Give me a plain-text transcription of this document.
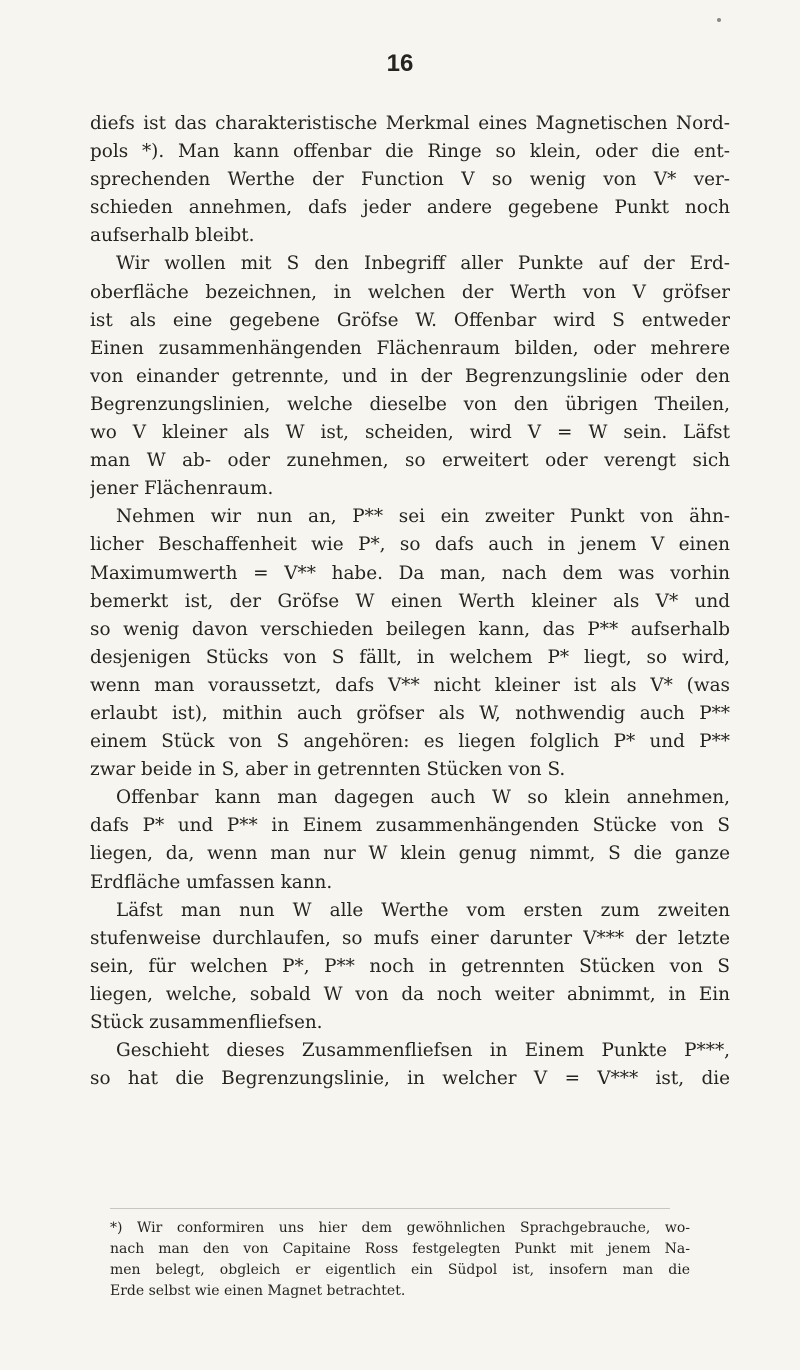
16
diefs ist das charakteristische Merkmal eines Magnetischen Nord-
pols *). Man kann offenbar die Ringe so klein, oder die ent-
sprechenden Werthe der Function V so wenig von V* ver-
schieden annehmen, dafs jeder andere gegebene Punkt noch
aufserhalb bleibt.
Wir wollen mit S den Inbegriff aller Punkte auf der Erd-
oberfläche bezeichnen, in welchen der Werth von V gröfser
ist als eine gegebene Gröfse W. Offenbar wird S entweder
Einen zusammenhängenden Flächenraum bilden, oder mehrere
von einander getrennte, und in der Begrenzungslinie oder den
Begrenzungslinien, welche dieselbe von den übrigen Theilen,
wo V kleiner als W ist, scheiden, wird V = W sein. Läfst
man W ab- oder zunehmen, so erweitert oder verengt sich
jener Flächenraum.
Nehmen wir nun an, P** sei ein zweiter Punkt von ähn-
licher Beschaffenheit wie P*, so dafs auch in jenem V einen
Maximumwerth = V** habe. Da man, nach dem was vorhin
bemerkt ist, der Gröfse W einen Werth kleiner als V* und
so wenig davon verschieden beilegen kann, das P** aufserhalb
desjenigen Stücks von S fällt, in welchem P* liegt, so wird,
wenn man voraussetzt, dafs V** nicht kleiner ist als V* (was
erlaubt ist), mithin auch gröfser als W, nothwendig auch P**
einem Stück von S angehören: es liegen folglich P* und P**
zwar beide in S, aber in getrennten Stücken von S.
Offenbar kann man dagegen auch W so klein annehmen,
dafs P* und P** in Einem zusammenhängenden Stücke von S
liegen, da, wenn man nur W klein genug nimmt, S die ganze
Erdfläche umfassen kann.
Läfst man nun W alle Werthe vom ersten zum zweiten
stufenweise durchlaufen, so mufs einer darunter V*** der letzte
sein, für welchen P*, P** noch in getrennten Stücken von S
liegen, welche, sobald W von da noch weiter abnimmt, in Ein
Stück zusammenfliefsen.
Geschieht dieses Zusammenfliefsen in Einem Punkte P***,
so hat die Begrenzungslinie, in welcher V = V*** ist, die
*) Wir conformiren uns hier dem gewöhnlichen Sprachgebrauche, wo-
nach man den von Capitaine Ross festgelegten Punkt mit jenem Na-
men belegt, obgleich er eigentlich ein Südpol ist, insofern man die
Erde selbst wie einen Magnet betrachtet.
